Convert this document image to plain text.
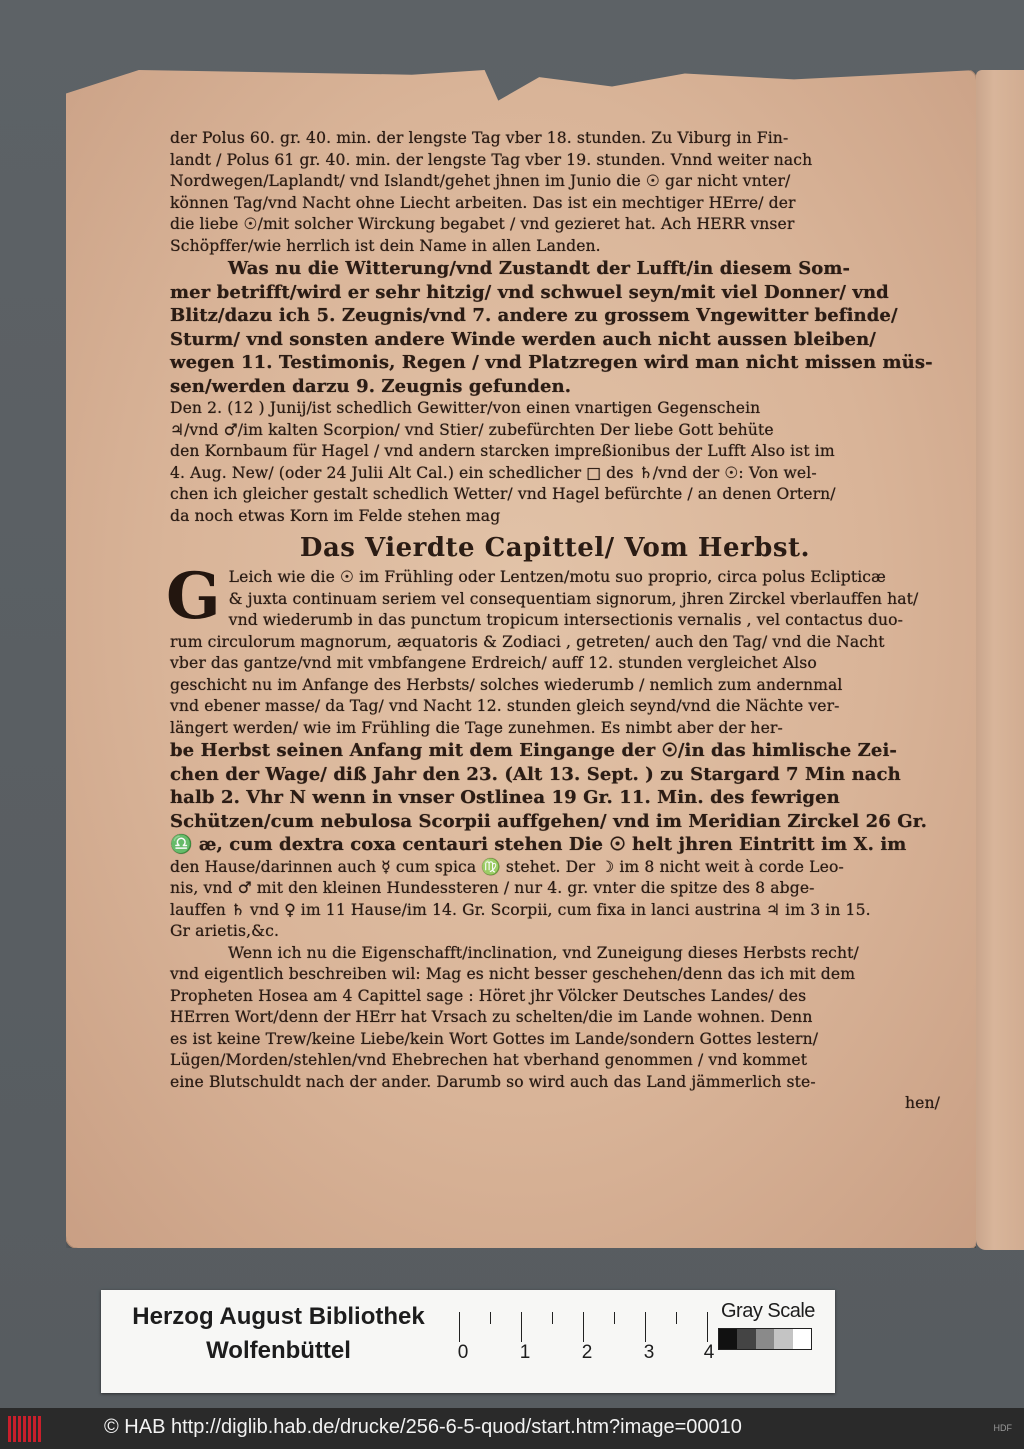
der Polus 60. gr. 40. min. der lengste Tag vber 18. stunden. Zu Viburg in Fin-
landt / Polus 61 gr. 40. min. der lengste Tag vber 19. stunden. Vnnd weiter nach
Nordwegen/Laplandt/ vnd Islandt/gehet jhnen im Junio die ☉ gar nicht vnter/
können Tag/vnd Nacht ohne Liecht arbeiten. Das ist ein mechtiger HErre/ der
die liebe ☉/mit solcher Wirckung begabet / vnd gezieret hat. Ach HERR vnser
Schöpffer/wie herrlich ist dein Name in allen Landen.
Was nu die Witterung/vnd Zustandt der Lufft/in diesem Som-
mer betrifft/wird er sehr hitzig/ vnd schwuel seyn/mit viel Donner/ vnd
Blitz/dazu ich 5. Zeugnis/vnd 7. andere zu grossem Vngewitter befinde/
Sturm/ vnd sonsten andere Winde werden auch nicht aussen bleiben/
wegen 11. Testimonis, Regen / vnd Platzregen wird man nicht missen müs-
sen/werden darzu 9. Zeugnis gefunden.
Den 2. (12 ) Junij/ist schedlich Gewitter/von einen vnartigen Gegenschein
♃/vnd ♂/im kalten Scorpion/ vnd Stier/ zubefürchten Der liebe Gott behüte
den Kornbaum für Hagel / vnd andern starcken impreßionibus der Lufft Also ist im
4. Aug. New/ (oder 24 Julii Alt Cal.) ein schedlicher □ des ♄/vnd der ☉: Von wel-
chen ich gleicher gestalt schedlich Wetter/ vnd Hagel befürchte / an denen Ortern/
da noch etwas Korn im Felde stehen mag
Das Vierdte Capittel/ Vom Herbst.
G Leich wie die ☉ im Frühling oder Lentzen/motu suo proprio, circa polus Eclipticæ
& juxta continuam seriem vel consequentiam signorum, jhren Zirckel vberlauffen hat/
vnd wiederumb in das punctum tropicum intersectionis vernalis , vel contactus duo-
rum circulorum magnorum, æquatoris & Zodiaci , getreten/ auch den Tag/ vnd die Nacht
vber das gantze/vnd mit vmbfangene Erdreich/ auff 12. stunden vergleichet Also
geschicht nu im Anfange des Herbsts/ solches wiederumb / nemlich zum andernmal
vnd ebener masse/ da Tag/ vnd Nacht 12. stunden gleich seynd/vnd die Nächte ver-
längert werden/ wie im Frühling die Tage zunehmen. Es nimbt aber der her-
be Herbst seinen Anfang mit dem Eingange der ☉/in das himlische Zei-
chen der Wage/ diß Jahr den 23. (Alt 13. Sept. ) zu Stargard 7 Min nach
halb 2. Vhr N wenn in vnser Ostlinea 19 Gr. 11. Min. des fewrigen
Schützen/cum nebulosa Scorpii auffgehen/ vnd im Meridian Zirckel 26 Gr.
♎ æ, cum dextra coxa centauri stehen Die ☉ helt jhren Eintritt im X. im
den Hause/darinnen auch ☿ cum spica ♍ stehet. Der ☽ im 8 nicht weit à corde Leo-
nis, vnd ♂ mit den kleinen Hundessteren / nur 4. gr. vnter die spitze des 8 abge-
lauffen ♄ vnd ♀ im 11 Hause/im 14. Gr. Scorpii, cum fixa in lanci austrina ♃ im 3 in 15.
Gr arietis,&c.
Wenn ich nu die Eigenschafft/inclination, vnd Zuneigung dieses Herbsts recht/
vnd eigentlich beschreiben wil: Mag es nicht besser geschehen/denn das ich mit dem
Propheten Hosea am 4 Capittel sage : Höret jhr Völcker Deutsches Landes/ des
HErren Wort/denn der HErr hat Vrsach zu schelten/die im Lande wohnen. Denn
es ist keine Trew/keine Liebe/kein Wort Gottes im Lande/sondern Gottes lestern/
Lügen/Morden/stehlen/vnd Ehebrechen hat vberhand genommen / vnd kommet
eine Blutschuldt nach der ander. Darumb so wird auch das Land jämmerlich ste-
hen/
Herzog August Bibliothek
Wolfenbüttel	0	1	2	3	4
Gray Scale
© HAB http://diglib.hab.de/drucke/256-6-5-quod/start.htm?image=00010	HDF
